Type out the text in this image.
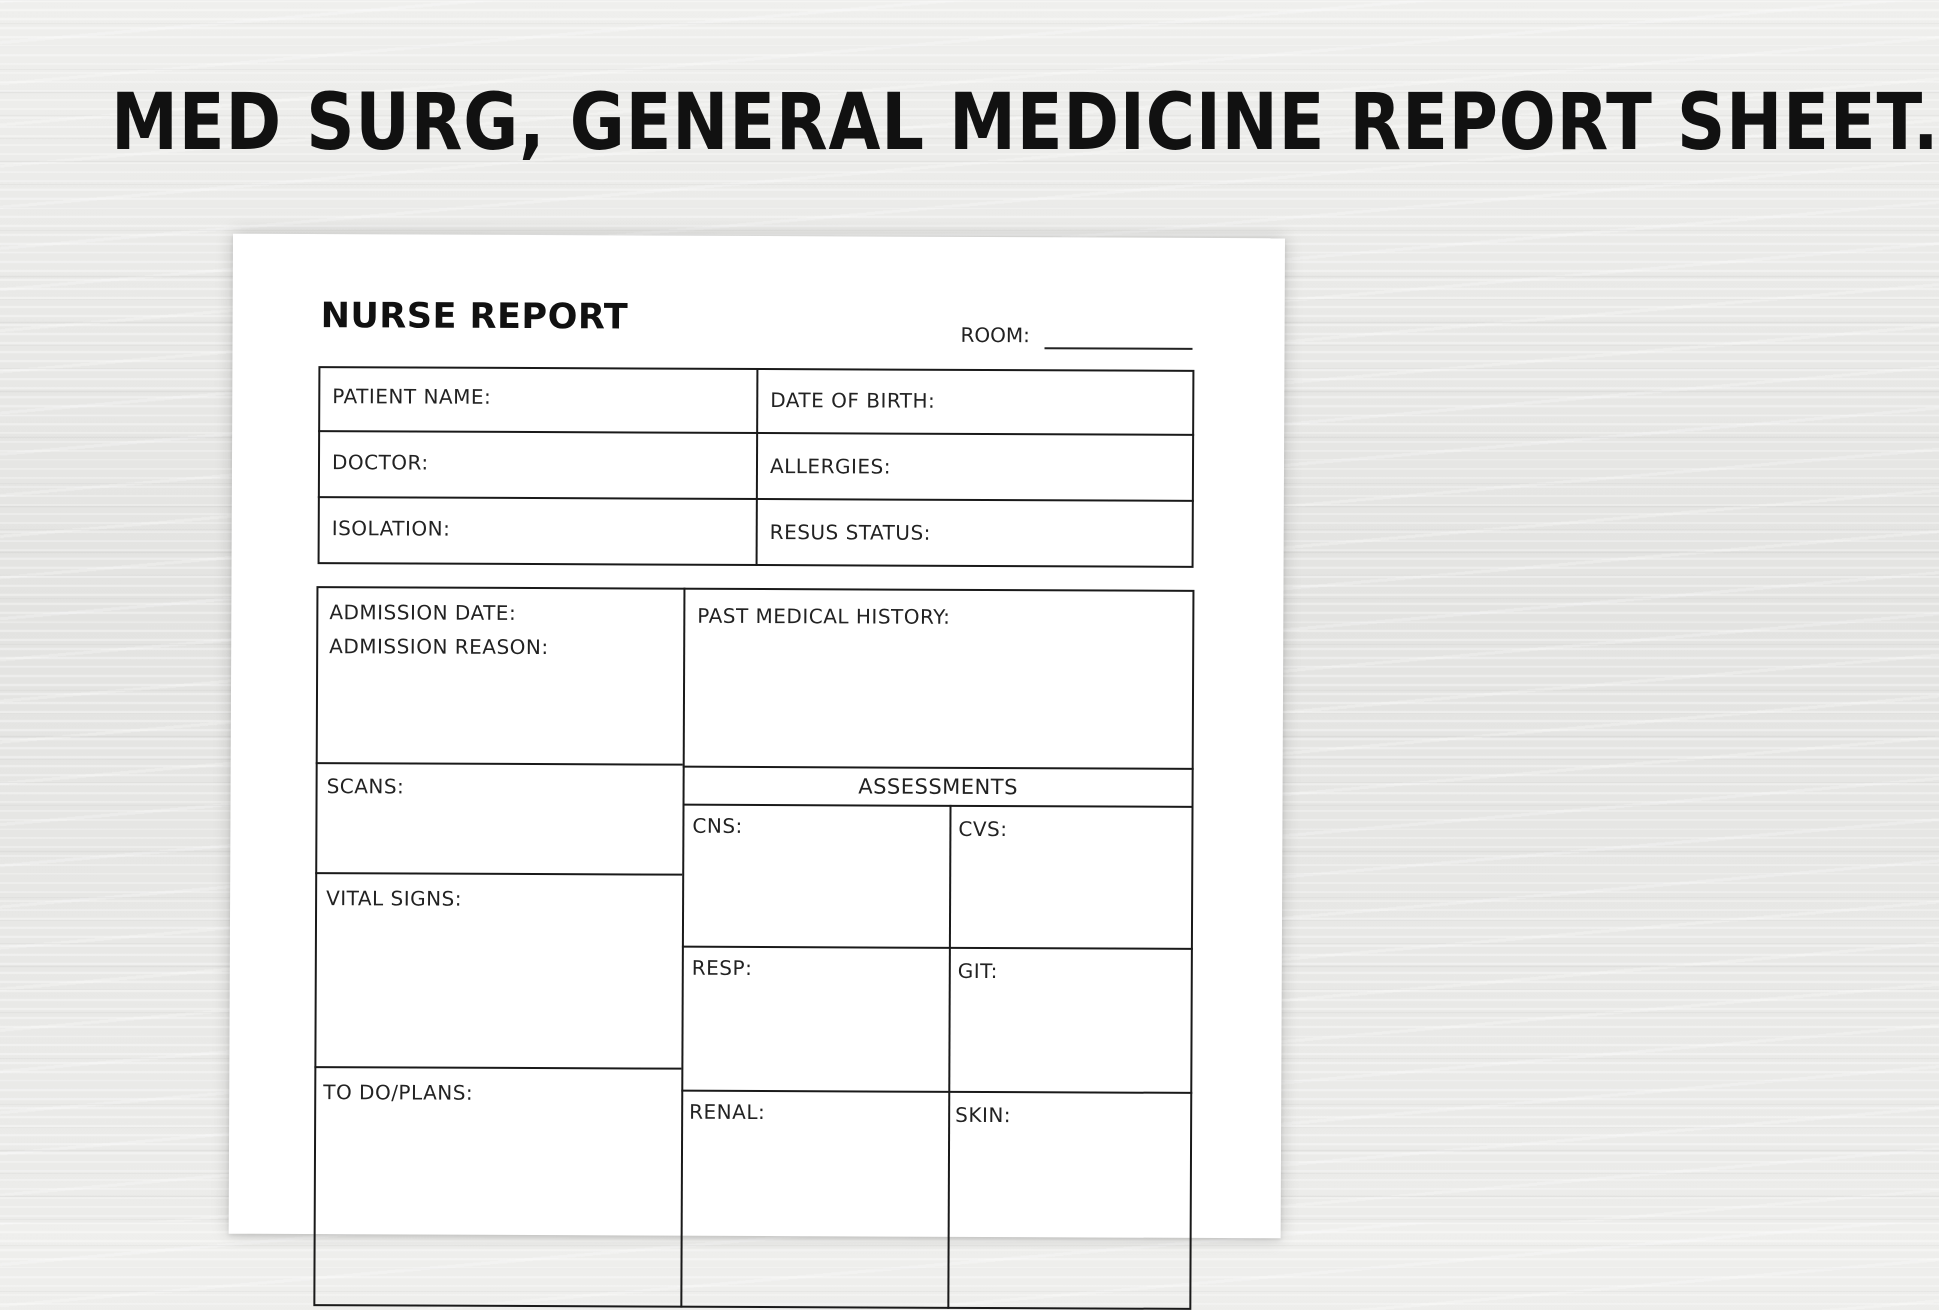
MED SURG, GENERAL MEDICINE REPORT SHEET.
NURSE REPORT	ROOM:
PATIENT NAME:	DATE OF BIRTH:
DOCTOR:	ALLERGIES:
ISOLATION:	RESUS STATUS:
ADMISSION DATE:
ADMISSION REASON:
PAST MEDICAL HISTORY:
SCANS:
VITAL SIGNS:
TO DO/PLANS:
ASSESSMENTS
CNS:	CVS:
RESP:	GIT:
RENAL:	SKIN:
